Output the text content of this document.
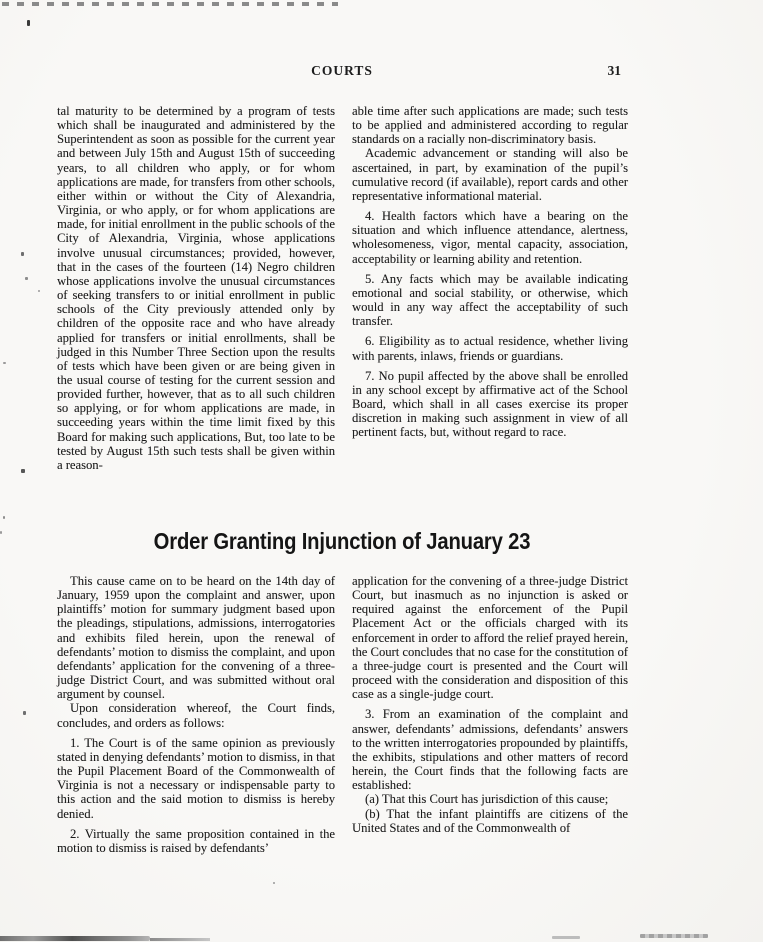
COURTS	31

tal maturity to be determined by a program of tests which shall be inaugurated and administered by the Superintendent as soon as possible for the current year and between July 15th and August 15th of succeeding years, to all children who apply, or for whom applications are made, for transfers from other schools, either within or without the City of Alexandria, Virginia, or who apply, or for whom applications are made, for initial enrollment in the public schools of the City of Alexandria, Virginia, whose applications involve unusual circumstances; provided, however, that in the cases of the fourteen (14) Negro children whose applications involve the unusual circumstances of seeking transfers to or initial enrollment in public schools of the City previously attended only by children of the opposite race and who have already applied for transfers or initial enrollments, shall be judged in this Number Three Section upon the results of tests which have been given or are being given in the usual course of testing for the current session and provided further, however, that as to all such children so applying, or for whom applications are made, in succeeding years within the time limit fixed by this Board for making such applications, But, too late to be tested by August 15th such tests shall be given within a reason-

able time after such applications are made; such tests to be applied and administered according to regular standards on a racially non-discriminatory basis.

Academic advancement or standing will also be ascertained, in part, by examination of the pupil’s cumulative record (if available), report cards and other representative informational material.

4. Health factors which have a bearing on the situation and which influence attendance, alertness, wholesomeness, vigor, mental capacity, association, acceptability or learning ability and retention.

5. Any facts which may be available indicating emotional and social stability, or otherwise, which would in any way affect the acceptability of such transfer.

6. Eligibility as to actual residence, whether living with parents, inlaws, friends or guardians.

7. No pupil affected by the above shall be enrolled in any school except by affirmative act of the School Board, which shall in all cases exercise its proper discretion in making such assignment in view of all pertinent facts, but, without regard to race.

Order Granting Injunction of January 23

This cause came on to be heard on the 14th day of January, 1959 upon the complaint and answer, upon plaintiffs’ motion for summary judgment based upon the pleadings, stipulations, admissions, interrogatories and exhibits filed herein, upon the renewal of defendants’ motion to dismiss the complaint, and upon defendants’ application for the convening of a three-judge District Court, and was submitted without oral argument by counsel.

Upon consideration whereof, the Court finds, concludes, and orders as follows:

1. The Court is of the same opinion as previously stated in denying defendants’ motion to dismiss, in that the Pupil Placement Board of the Commonwealth of Virginia is not a necessary or indispensable party to this action and the said motion to dismiss is hereby denied.

2. Virtually the same proposition contained in the motion to dismiss is raised by defendants’

application for the convening of a three-judge District Court, but inasmuch as no injunction is asked or required against the enforcement of the Pupil Placement Act or the officials charged with its enforcement in order to afford the relief prayed herein, the Court concludes that no case for the constitution of a three-judge court is presented and the Court will proceed with the consideration and disposition of this case as a single-judge court.

3. From an examination of the complaint and answer, defendants’ admissions, defendants’ answers to the written interrogatories propounded by plaintiffs, the exhibits, stipulations and other matters of record herein, the Court finds that the following facts are established:

(a) That this Court has jurisdiction of this cause;

(b) That the infant plaintiffs are citizens of the United States and of the Commonwealth of
